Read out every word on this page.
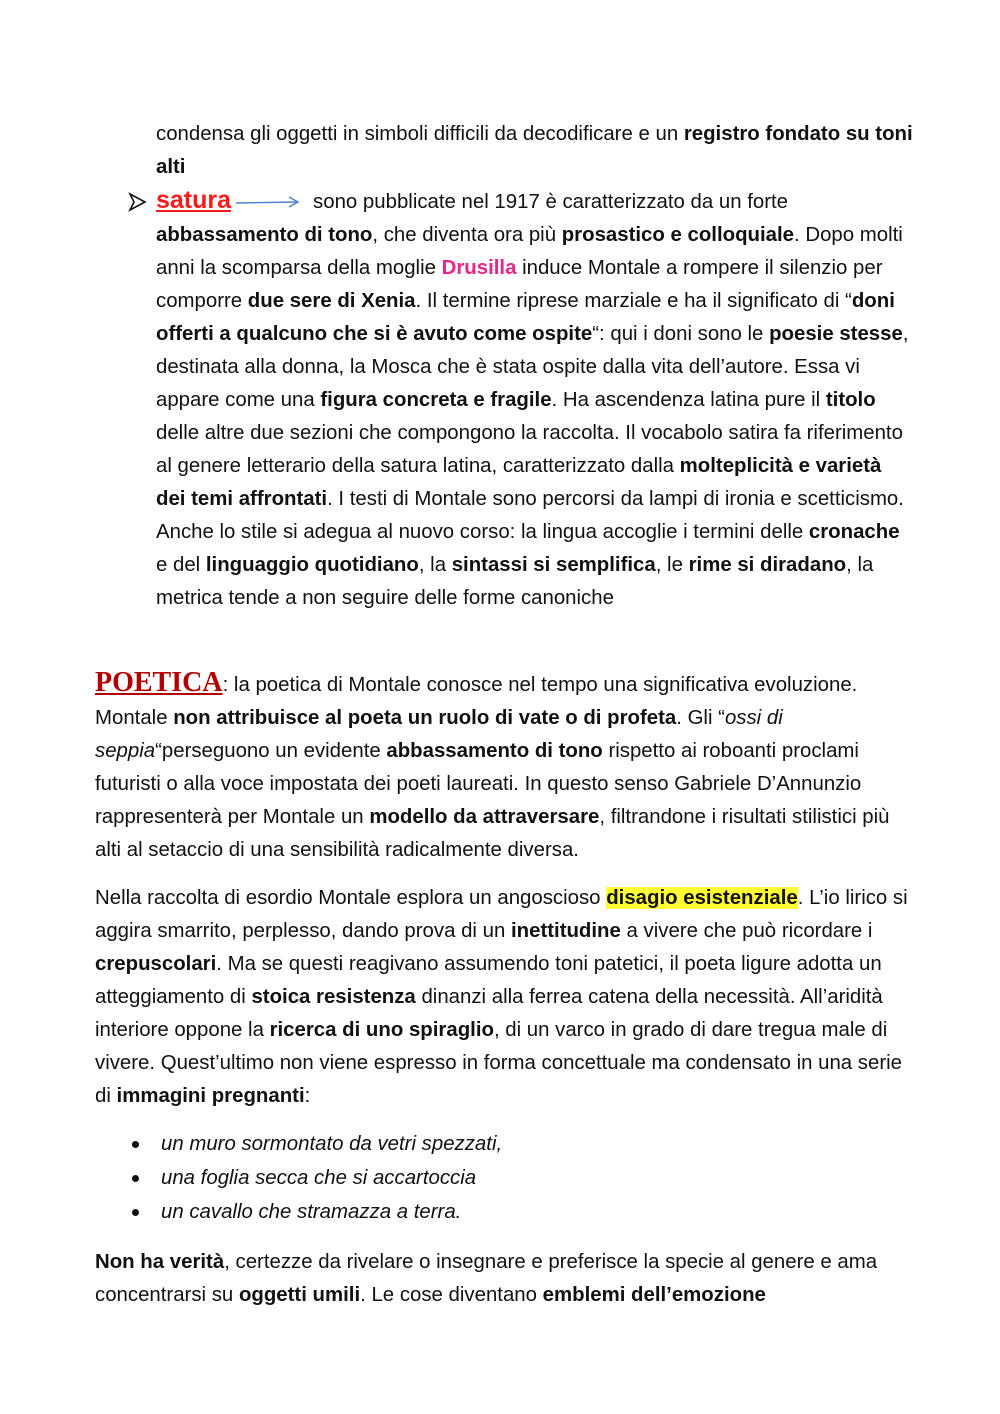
condensa gli oggetti in simboli difficili da decodificare e un registro fondato su toni alti

satura	sono pubblicate nel 1917 è caratterizzato da un forte abbassamento di tono, che diventa ora più prosastico e colloquiale. Dopo molti anni la scomparsa della moglie Drusilla induce Montale a rompere il silenzio per comporre due sere di Xenia. Il termine riprese marziale e ha il significato di “doni offerti a qualcuno che si è avuto come ospite“: qui i doni sono le poesie stesse, destinata alla donna, la Mosca che è stata ospite dalla vita dell’autore. Essa vi appare come una figura concreta e fragile. Ha ascendenza latina pure il titolo delle altre due sezioni che compongono la raccolta. Il vocabolo satira fa riferimento al genere letterario della satura latina, caratterizzato dalla molteplicità e varietà dei temi affrontati. I testi di Montale sono percorsi da lampi di ironia e scetticismo. Anche lo stile si adegua al nuovo corso: la lingua accoglie i termini delle cronache e del linguaggio quotidiano, la sintassi si semplifica, le rime si diradano, la metrica tende a non seguire delle forme canoniche

POETICA: la poetica di Montale conosce nel tempo una significativa evoluzione. Montale non attribuisce al poeta un ruolo di vate o di profeta. Gli “ossi di seppia“perseguono un evidente abbassamento di tono rispetto ai roboanti proclami futuristi o alla voce impostata dei poeti laureati. In questo senso Gabriele D’Annunzio rappresenterà per Montale un modello da attraversare, filtrandone i risultati stilistici più alti al setaccio di una sensibilità radicalmente diversa.

Nella raccolta di esordio Montale esplora un angoscioso disagio esistenziale. L’io lirico si aggira smarrito, perplesso, dando prova di un inettitudine a vivere che può ricordare i crepuscolari. Ma se questi reagivano assumendo toni patetici, il poeta ligure adotta un atteggiamento di stoica resistenza dinanzi alla ferrea catena della necessità. All’aridità interiore oppone la ricerca di uno spiraglio, di un varco in grado di dare tregua male di vivere. Quest’ultimo non viene espresso in forma concettuale ma condensato in una serie di immagini pregnanti:

un muro sormontato da vetri spezzati,
una foglia secca che si accartoccia
un cavallo che stramazza a terra.

Non ha verità, certezze da rivelare o insegnare e preferisce la specie al genere e ama concentrarsi su oggetti umili. Le cose diventano emblemi dell’emozione
